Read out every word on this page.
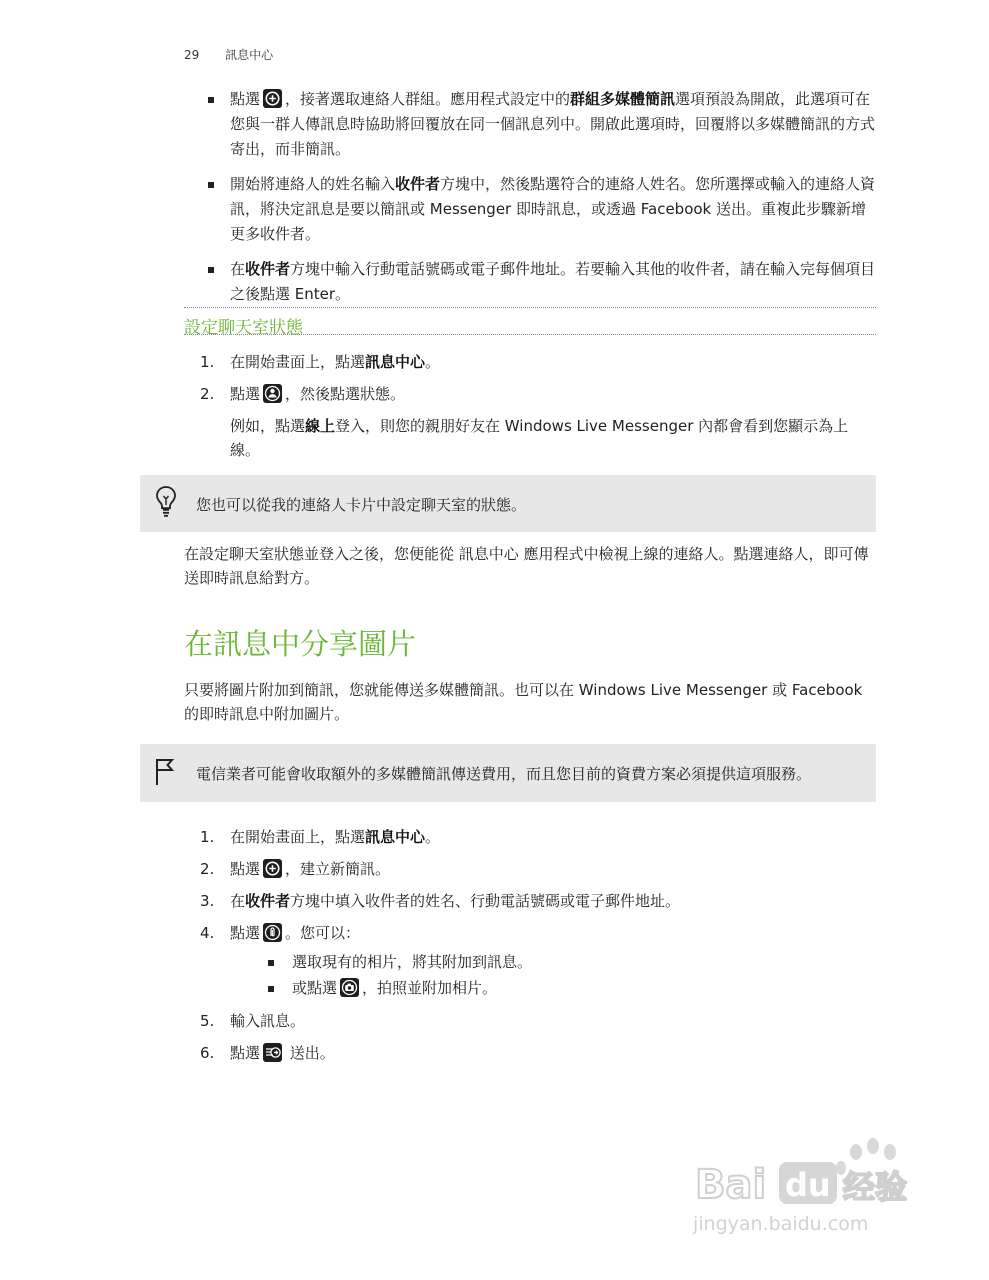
29 訊息中心
點選 ，接著選取連絡人群組。應用程式設定中的群組多媒體簡訊選項預設為開啟，此選項可在您與一群人傳訊息時協助將回覆放在同一個訊息列中。開啟此選項時，回覆將以多媒體簡訊的方式寄出，而非簡訊。
開始將連絡人的姓名輸入收件者方塊中，然後點選符合的連絡人姓名。您所選擇或輸入的連絡人資訊，將決定訊息是要以簡訊或 Messenger 即時訊息，或透過 Facebook 送出。重複此步驟新增更多收件者。
在收件者方塊中輸入行動電話號碼或電子郵件地址。若要輸入其他的收件者，請在輸入完每個項目之後點選 Enter。
設定聊天室狀態
1.	在開始畫面上，點選訊息中心。
2.	點選 ，然後點選狀態。
例如，點選線上登入，則您的親朋好友在 Windows Live Messenger 內都會看到您顯示為上線。
您也可以從我的連絡人卡片中設定聊天室的狀態。
在設定聊天室狀態並登入之後，您便能從 訊息中心 應用程式中檢視上線的連絡人。點選連絡人，即可傳送即時訊息給對方。
在訊息中分享圖片
只要將圖片附加到簡訊，您就能傳送多媒體簡訊。也可以在 Windows Live Messenger 或 Facebook 的即時訊息中附加圖片。
電信業者可能會收取額外的多媒體簡訊傳送費用，而且您目前的資費方案必須提供這項服務。
1.	在開始畫面上，點選訊息中心。
2.	點選 ，建立新簡訊。
3.	在收件者方塊中填入收件者的姓名、行動電話號碼或電子郵件地址。
4.	點選 。您可以：
選取現有的相片，將其附加到訊息。
或點選 ，拍照並附加相片。
5.	輸入訊息。
6.	點選
送出。
Bai du 经验
jingyan.baidu.com
